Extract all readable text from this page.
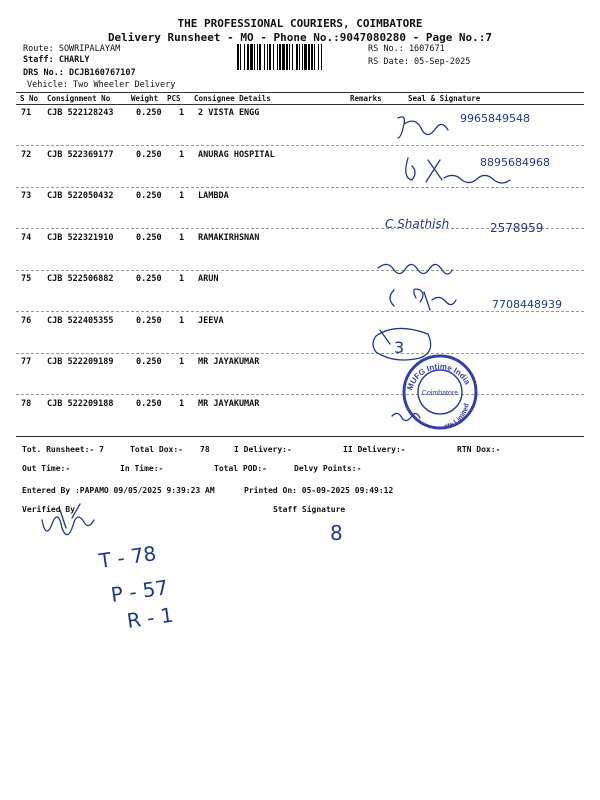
THE PROFESSIONAL COURIERS, COIMBATORE
Delivery Runsheet - MO - Phone No.:9047080280 - Page No.:7
Route: SOWRIPALAYAM
Staff: CHARLY
DRS No.: DCJB160767107
Vehicle: Two Wheeler Delivery
RS No.: 1607671
RS Date: 05-Sep-2025
S No Consignment No	Weight PCS Consignee Details	Remarks	Seal & Signature
71 CJB 522128243	0.250 1 2 VISTA ENGG
72 CJB 522369177	0.250 1 ANURAG HOSPITAL
73 CJB 522050432	0.250 1 LAMBDA
74 CJB 522321910	0.250 1 RAMAKIRHSNAN
75 CJB 522506882	0.250 1 ARUN
76 CJB 522405355	0.250 1 JEEVA
77 CJB 522209189	0.250 1 MR JAYAKUMAR
78 CJB 522209188	0.250 1 MR JAYAKUMAR
Tot. Runsheet:- 7	Total Dox:- 78	I Delivery:-	II Delivery:-	RTN Dox:-
Out Time:-	In Time:-	Total POD:-	Delvy Points:-
Entered By :PAPAMO 09/05/2025 9:39:23 AM	Printed On: 05-09-2025 09:49:12
Verified By	Staff Signature
9965849548
8895684968
C.Shathish	2578959
7708448939
3
8
T - 78
P - 57
R - 1
MUFG Intime India
ate Limited
Coimbatore
